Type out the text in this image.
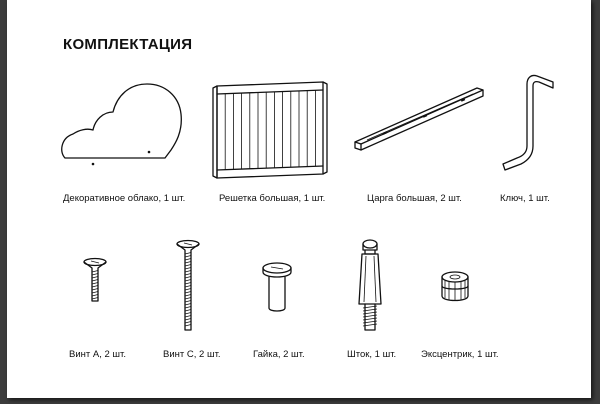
КОМПЛЕКТАЦИЯ
Декоративное облако, 1 шт.	Решетка большая, 1 шт.	Царга большая, 2 шт.	Ключ, 1 шт.
Винт А, 2 шт.	Винт С, 2 шт.	Гайка, 2 шт.	Шток, 1 шт.	Эксцентрик, 1 шт.
